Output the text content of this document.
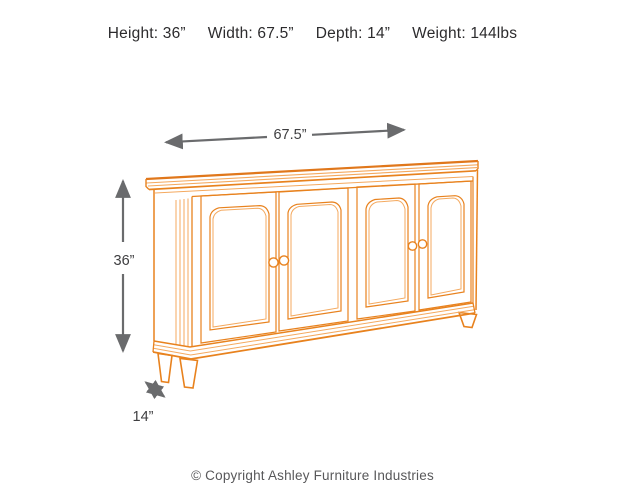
Height: 36” Width: 67.5” Depth: 14” Weight: 144lbs
67.5”
36”
14”
© Copyright Ashley Furniture Industries
